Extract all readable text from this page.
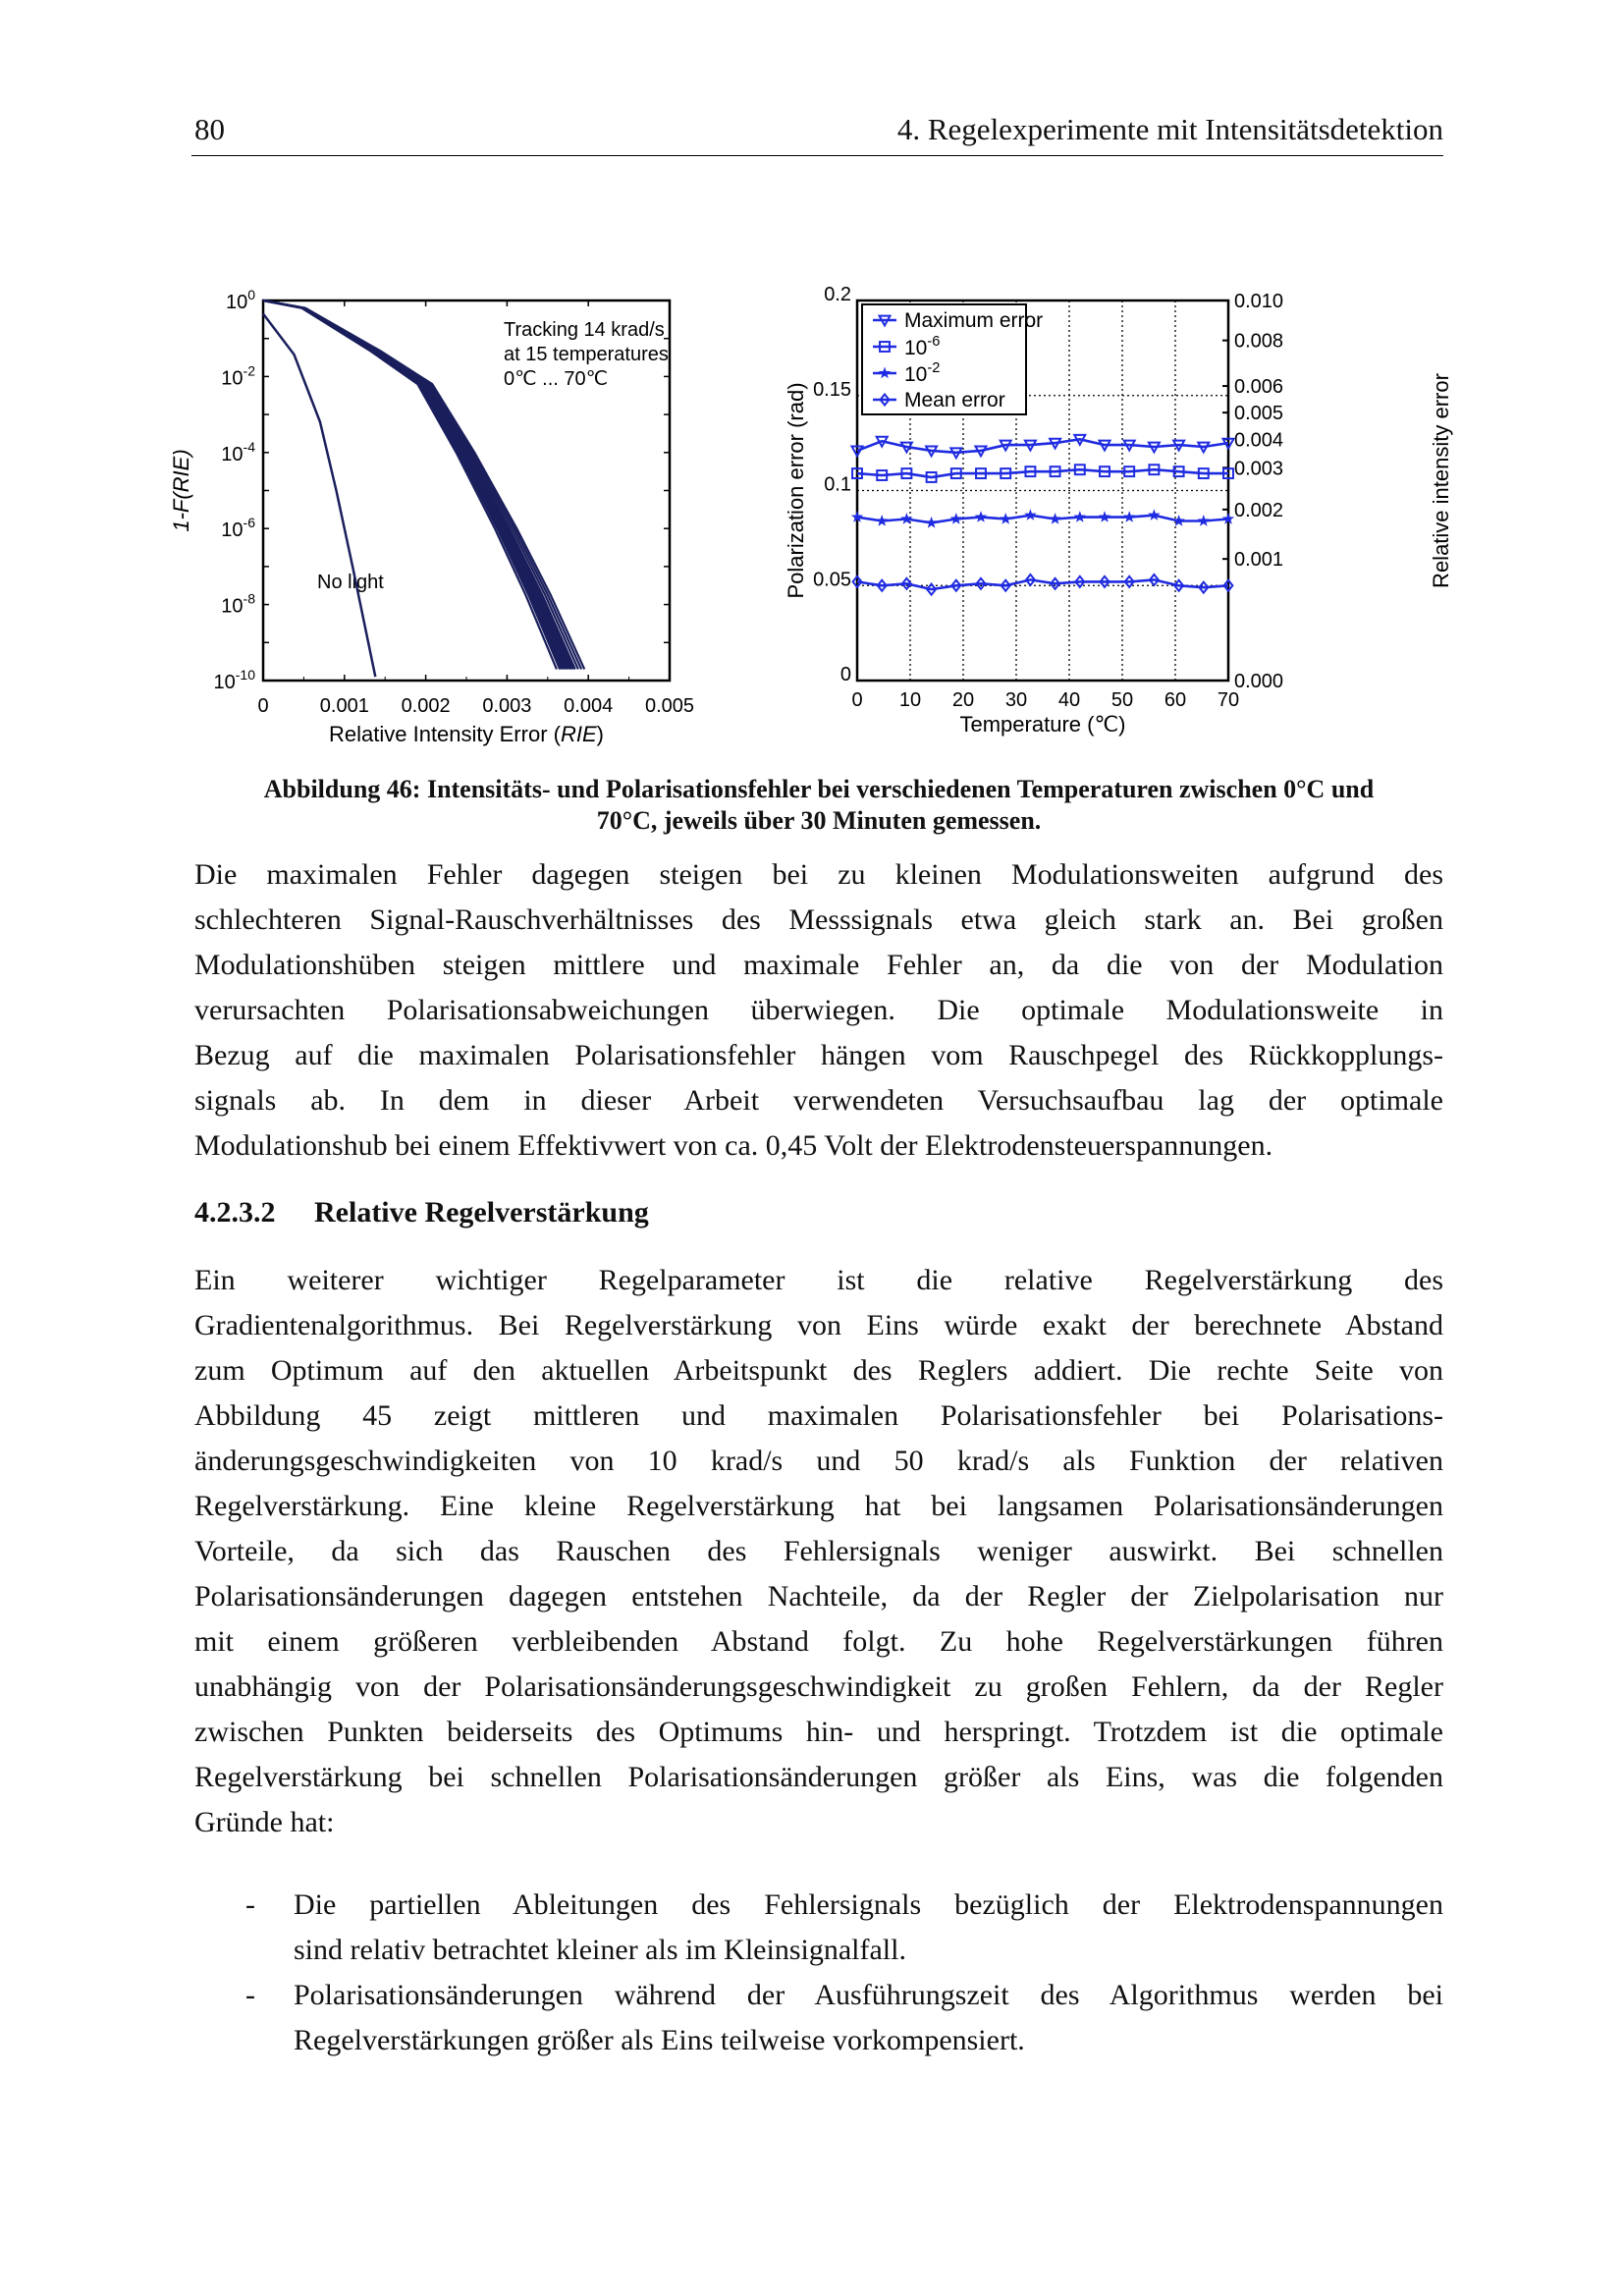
80	4. Regelexperimente mit Intensitätsdetektion
0	0.001 0.002 0.003 0.004 0.005
$10^0$
$10^{-2}$
$10^{-4}$
$10^{-6}$
$10^{-8}$
$10^{-10}$
Relative Intensity Error (RIE)
1-F(RIE)
Tracking 14 krad/s
at 15 temperatures
0℃ ... 70℃
No light
0 10 20 30 40 50 60 70
0
0.05
0.1
0.15
0.2
0.000
0.001
0.002
0.003
0.004
0.005
0.006
0.008
0.010
Temperature (℃)
Polarization error (rad)	Relative intensity error
Maximum error
$10^{-6}$
$10^{-2}$
Mean error
Abbildung 46: Intensitäts- und Polarisationsfehler bei verschiedenen Temperaturen zwischen 0°C und
70°C, jeweils über 30 Minuten gemessen.
Die maximalen Fehler dagegen steigen bei zu kleinen Modulationsweiten aufgrund des
schlechteren Signal-Rauschverhältnisses des Messsignals etwa gleich stark an. Bei großen
Modulationshüben steigen mittlere und maximale Fehler an, da die von der Modulation
verursachten Polarisationsabweichungen überwiegen. Die optimale Modulationsweite in
Bezug auf die maximalen Polarisationsfehler hängen vom Rauschpegel des Rückkopplungs-
signals ab. In dem in dieser Arbeit verwendeten Versuchsaufbau lag der optimale
Modulationshub bei einem Effektivwert von ca. 0,45 Volt der Elektrodensteuerspannungen.
4.2.3.2 Relative Regelverstärkung
Ein weiterer wichtiger Regelparameter ist die relative Regelverstärkung des
Gradientenalgorithmus. Bei Regelverstärkung von Eins würde exakt der berechnete Abstand
zum Optimum auf den aktuellen Arbeitspunkt des Reglers addiert. Die rechte Seite von
Abbildung 45 zeigt mittleren und maximalen Polarisationsfehler bei Polarisations-
änderungsgeschwindigkeiten von 10 krad/s und 50 krad/s als Funktion der relativen
Regelverstärkung. Eine kleine Regelverstärkung hat bei langsamen Polarisationsänderungen
Vorteile, da sich das Rauschen des Fehlersignals weniger auswirkt. Bei schnellen
Polarisationsänderungen dagegen entstehen Nachteile, da der Regler der Zielpolarisation nur
mit einem größeren verbleibenden Abstand folgt. Zu hohe Regelverstärkungen führen
unabhängig von der Polarisationsänderungsgeschwindigkeit zu großen Fehlern, da der Regler
zwischen Punkten beiderseits des Optimums hin- und herspringt. Trotzdem ist die optimale
Regelverstärkung bei schnellen Polarisationsänderungen größer als Eins, was die folgenden
Gründe hat:
- Die partiellen Ableitungen des Fehlersignals bezüglich der Elektrodenspannungen
sind relativ betrachtet kleiner als im Kleinsignalfall.
- Polarisationsänderungen während der Ausführungszeit des Algorithmus werden bei
Regelverstärkungen größer als Eins teilweise vorkompensiert.
